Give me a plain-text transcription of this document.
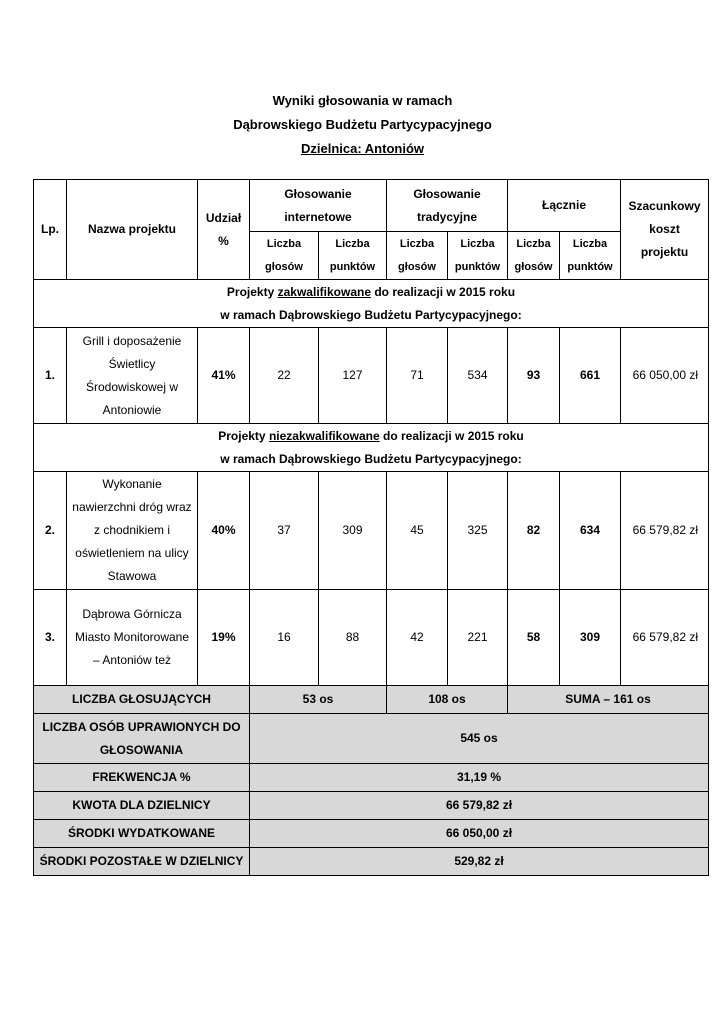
Wyniki głosowania w ramach
Dąbrowskiego Budżetu Partycypacyjnego
Dzielnica: Antoniów
Lp.	Nazwa projektu	Udział %	Głosowanie internetowe		Głosowanie tradycyjne		Łącznie		Szacunkowy koszt projektu
			Liczba głosów	Liczba punktów	Liczba głosów	Liczba punktów	Liczba głosów	Liczba punktów	
Projekty zakwalifikowane do realizacji w 2015 roku
w ramach Dąbrowskiego Budżetu Partycypacyjnego:									
1.	Grill i doposażenie Świetlicy Środowiskowej w Antoniowie	41%	22	127	71	534	93	661	66 050,00 zł
Projekty niezakwalifikowane do realizacji w 2015 roku
w ramach Dąbrowskiego Budżetu Partycypacyjnego:									
2.	Wykonanie nawierzchni dróg wraz z chodnikiem i oświetleniem na ulicy Stawowa	40%	37	309	45	325	82	634	66 579,82 zł
3.	Dąbrowa Górnicza Miasto Monitorowane – Antoniów też	19%	16	88	42	221	58	309	66 579,82 zł
LICZBA GŁOSUJĄCYCH			53 os		108 os		SUMA – 161 os		
LICZBA OSÓB UPRAWIONYCH DO GŁOSOWANIA			545 os						
FREKWENCJA %			31,19 %						
KWOTA DLA DZIELNICY			66 579,82 zł						
ŚRODKI WYDATKOWANE			66 050,00 zł						
ŚRODKI POZOSTAŁE W DZIELNICY			529,82 zł						
